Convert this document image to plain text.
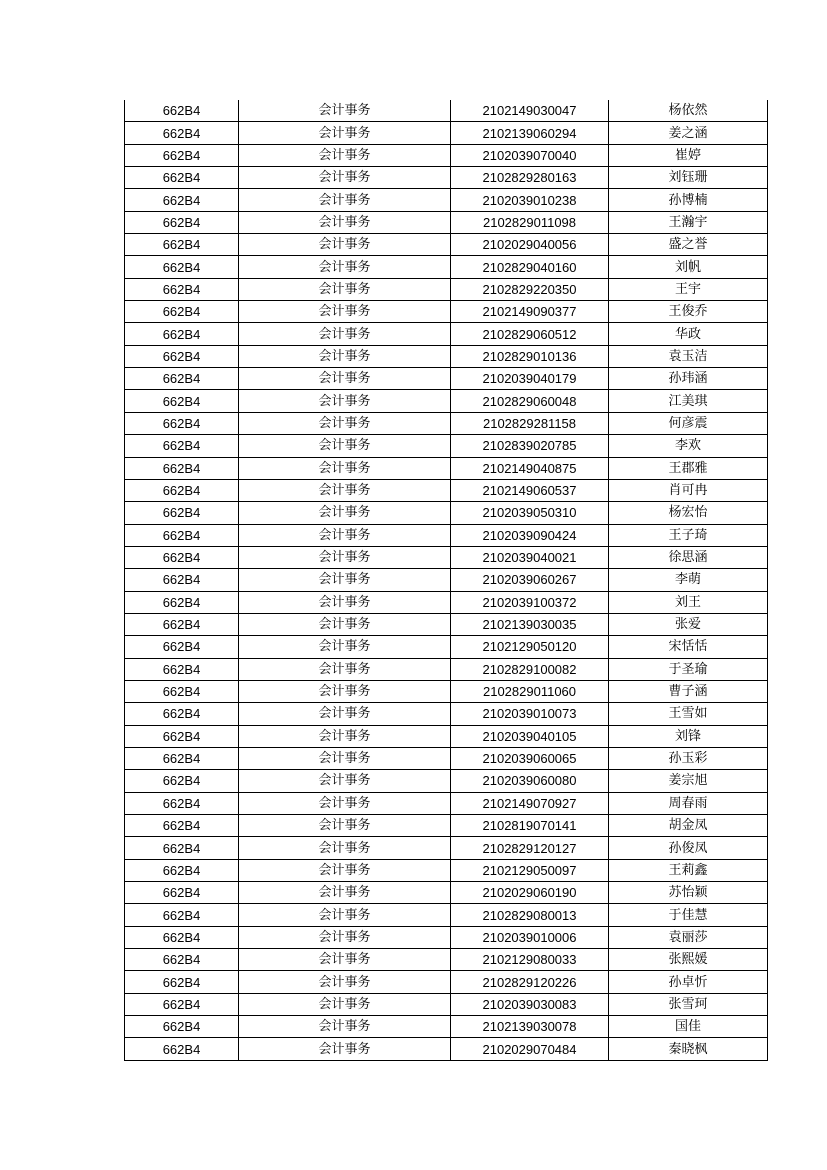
662B4	会计事务	2102149030047	杨依然
662B4	会计事务	2102139060294	姜之涵
662B4	会计事务	2102039070040	崔婷
662B4	会计事务	2102829280163	刘钰珊
662B4	会计事务	2102039010238	孙博楠
662B4	会计事务	2102829011098	王瀚宇
662B4	会计事务	2102029040056	盛之誉
662B4	会计事务	2102829040160	刘帆
662B4	会计事务	2102829220350	王宇
662B4	会计事务	2102149090377	王俊乔
662B4	会计事务	2102829060512	华政
662B4	会计事务	2102829010136	袁玉洁
662B4	会计事务	2102039040179	孙玮涵
662B4	会计事务	2102829060048	江美琪
662B4	会计事务	2102829281158	何彦震
662B4	会计事务	2102839020785	李欢
662B4	会计事务	2102149040875	王郡雅
662B4	会计事务	2102149060537	肖可冉
662B4	会计事务	2102039050310	杨宏怡
662B4	会计事务	2102039090424	王子琦
662B4	会计事务	2102039040021	徐思涵
662B4	会计事务	2102039060267	李萌
662B4	会计事务	2102039100372	刘王
662B4	会计事务	2102139030035	张爱
662B4	会计事务	2102129050120	宋恬恬
662B4	会计事务	2102829100082	于圣瑜
662B4	会计事务	2102829011060	曹子涵
662B4	会计事务	2102039010073	王雪如
662B4	会计事务	2102039040105	刘锋
662B4	会计事务	2102039060065	孙玉彩
662B4	会计事务	2102039060080	姜宗旭
662B4	会计事务	2102149070927	周春雨
662B4	会计事务	2102819070141	胡金凤
662B4	会计事务	2102829120127	孙俊凤
662B4	会计事务	2102129050097	王莉鑫
662B4	会计事务	2102029060190	苏怡颖
662B4	会计事务	2102829080013	于佳慧
662B4	会计事务	2102039010006	袁丽莎
662B4	会计事务	2102129080033	张熙媛
662B4	会计事务	2102829120226	孙卓忻
662B4	会计事务	2102039030083	张雪珂
662B4	会计事务	2102139030078	国佳
662B4	会计事务	2102029070484	秦晓枫
